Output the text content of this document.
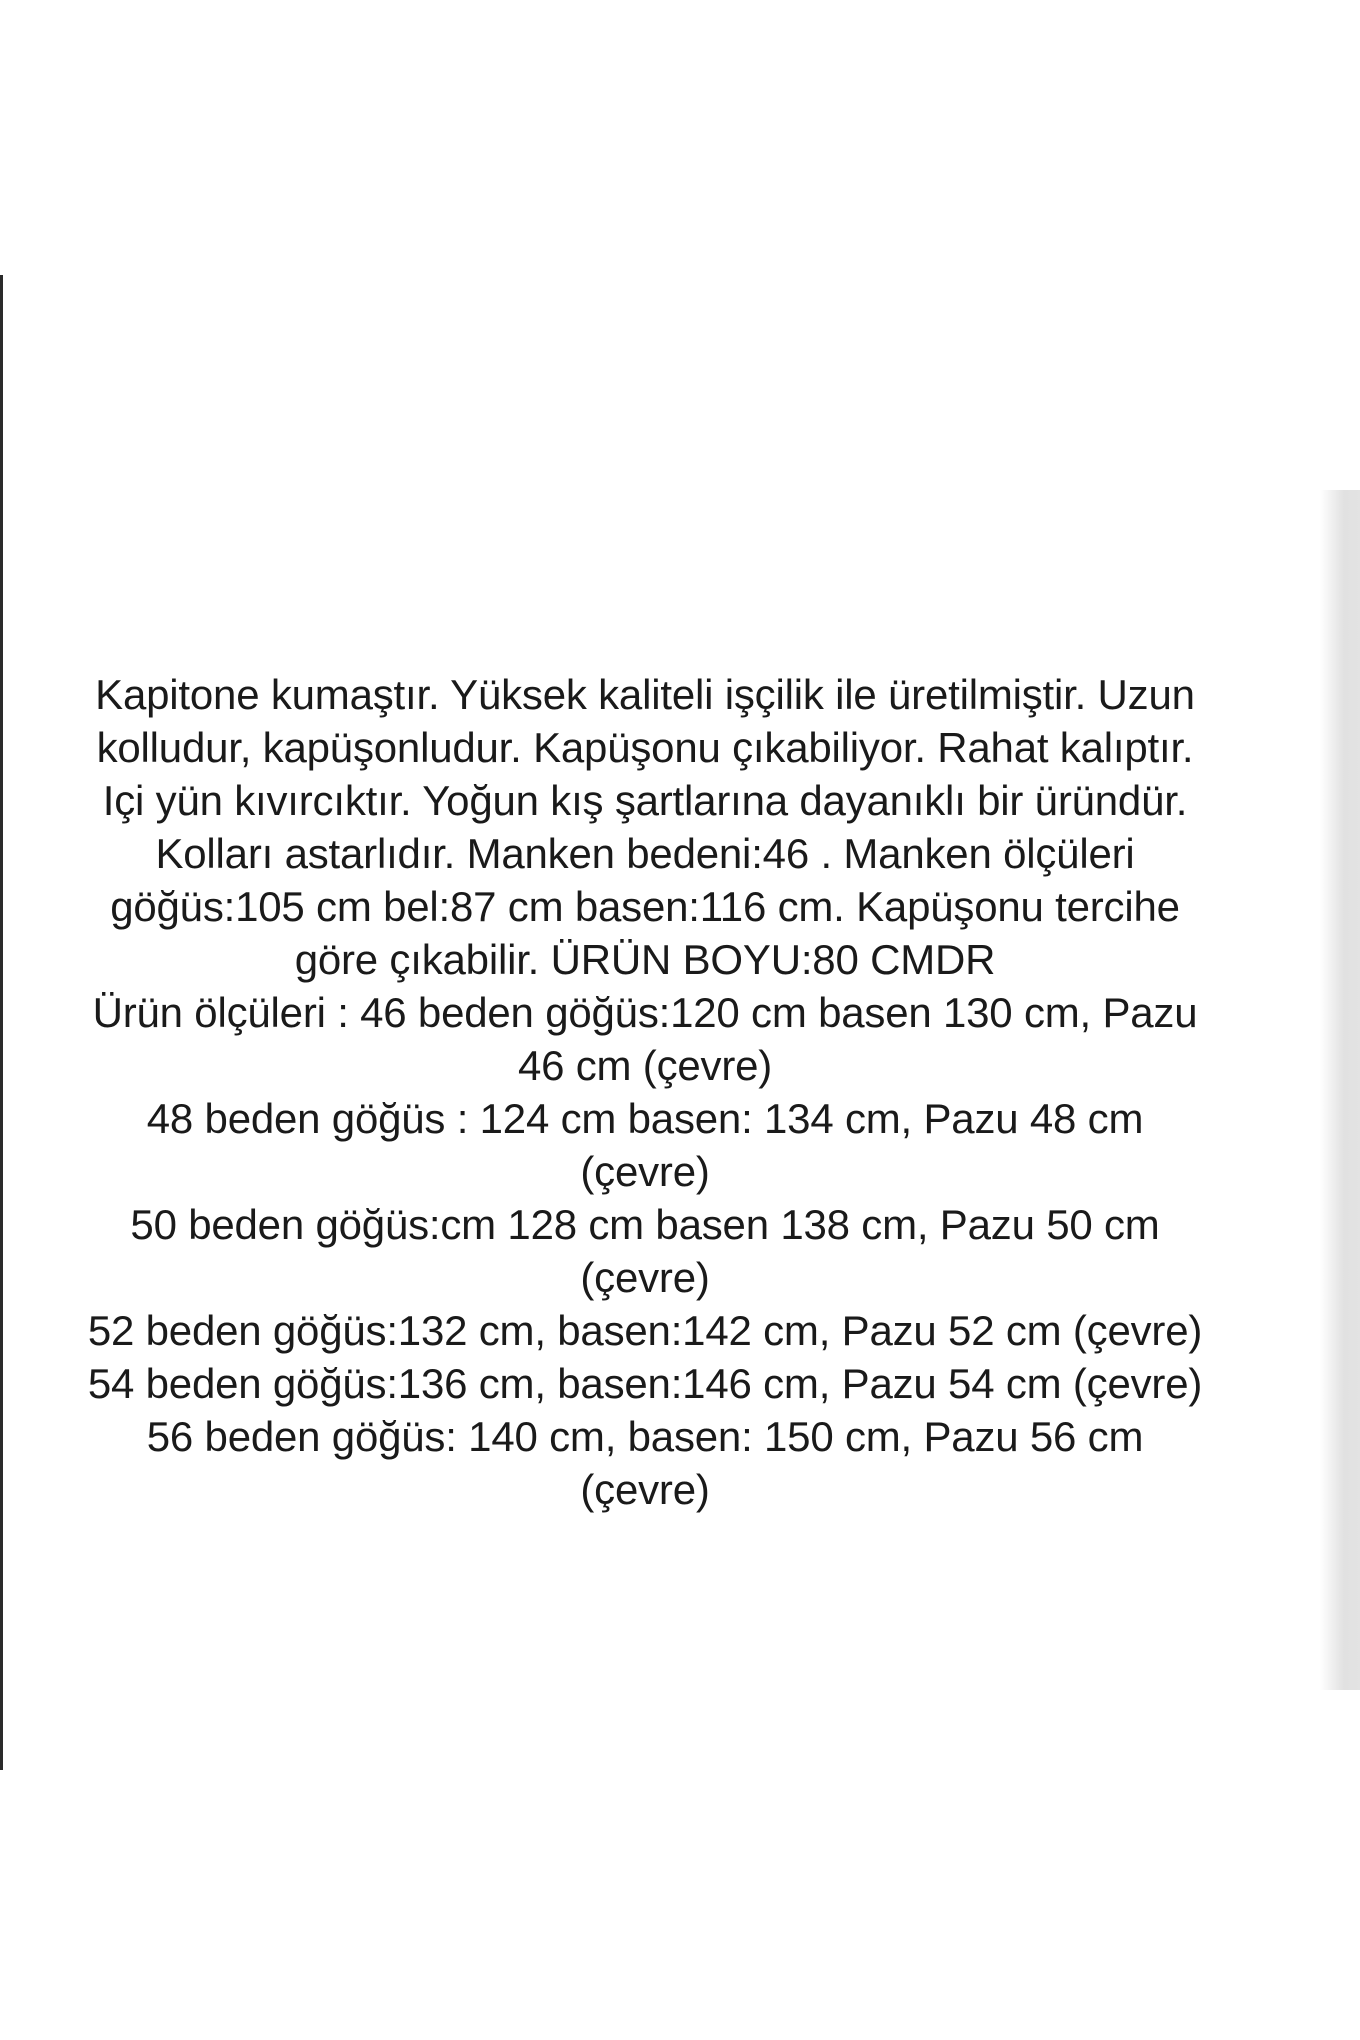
Kapitone kumaştır. Yüksek kaliteli işçilik ile üretilmiştir. Uzun
kolludur, kapüşonludur. Kapüşonu çıkabiliyor. Rahat kalıptır.
Içi yün kıvırcıktır. Yoğun kış şartlarına dayanıklı bir üründür.
Kolları astarlıdır. Manken bedeni:46 . Manken ölçüleri
göğüs:105 cm bel:87 cm basen:116 cm. Kapüşonu tercihe
göre çıkabilir. ÜRÜN BOYU:80 CMDR
Ürün ölçüleri : 46 beden göğüs:120 cm basen 130 cm, Pazu
46 cm (çevre)
48 beden göğüs : 124 cm basen: 134 cm, Pazu 48 cm
(çevre)
50 beden göğüs:cm 128 cm basen 138 cm, Pazu 50 cm
(çevre)
52 beden göğüs:132 cm, basen:142 cm, Pazu 52 cm (çevre)
54 beden göğüs:136 cm, basen:146 cm, Pazu 54 cm (çevre)
56 beden göğüs: 140 cm, basen: 150 cm, Pazu 56 cm
(çevre)
